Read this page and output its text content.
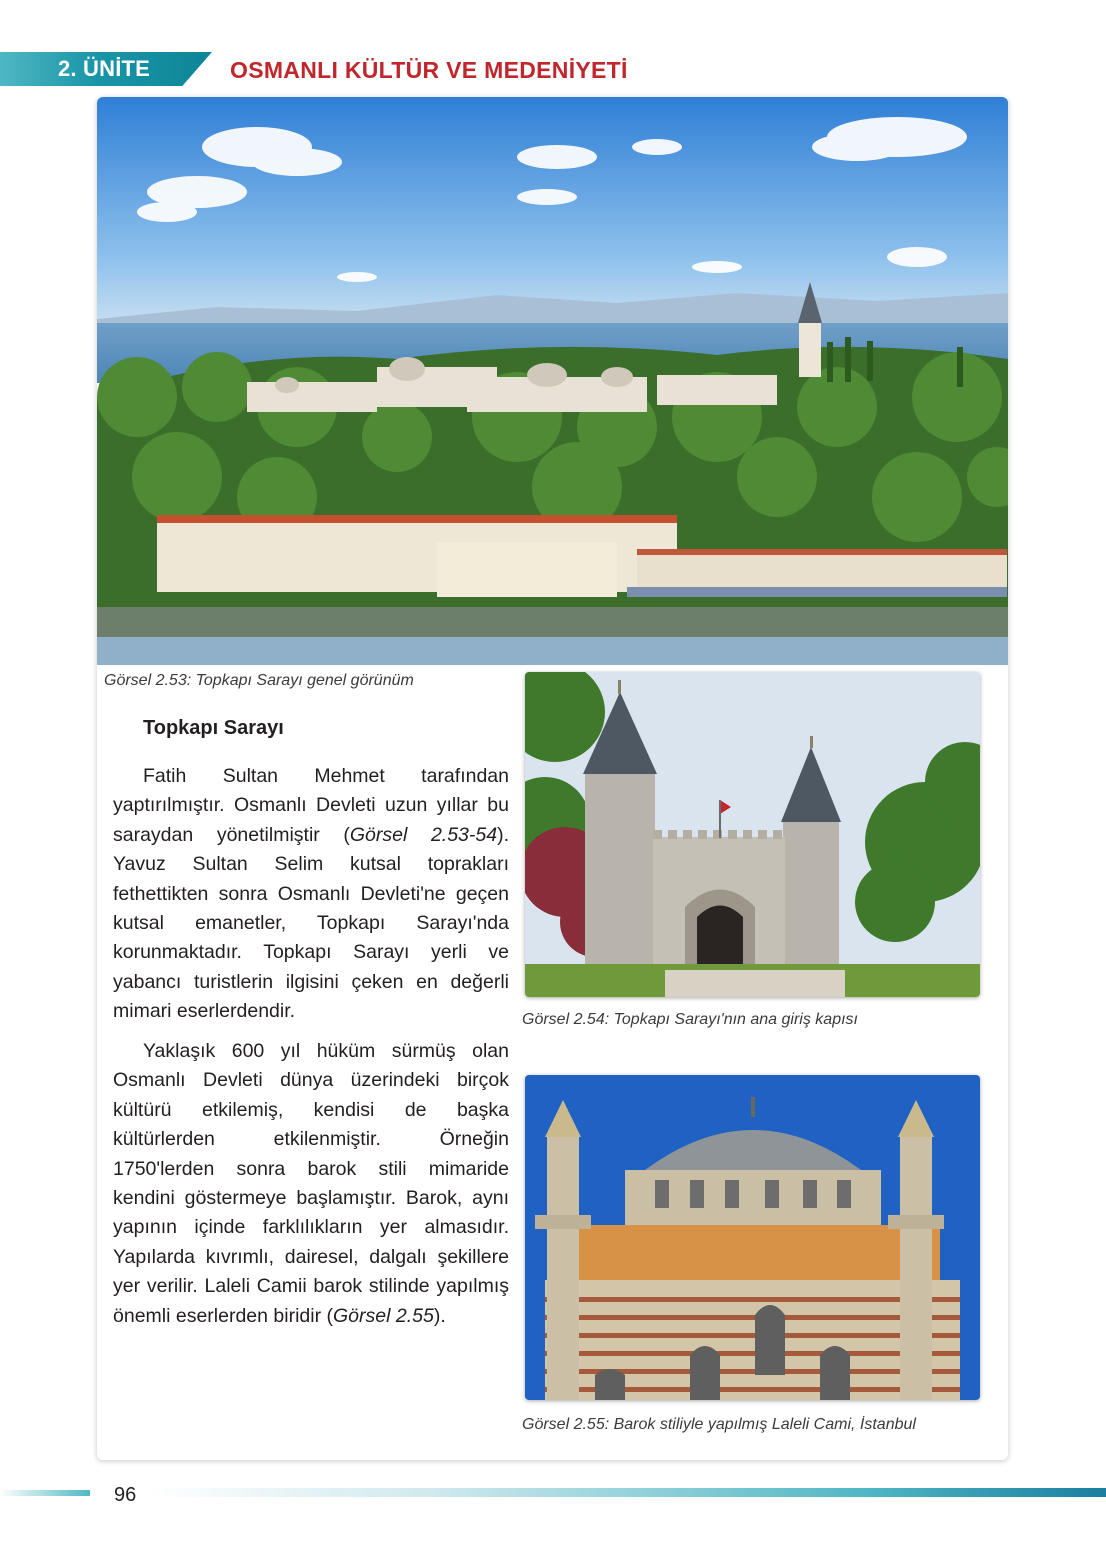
2. ÜNİTE	OSMANLI KÜLTÜR VE MEDENİYETİ
Görsel 2.53: Topkapı Sarayı genel görünüm
Topkapı Sarayı

Fatih Sultan Mehmet tarafından yaptırılmıştır. Osmanlı Devleti uzun yıllar bu saraydan yönetilmiştir (Görsel 2.53-54). Yavuz Sultan Selim kutsal toprakları fethettikten sonra Osmanlı Devleti'ne geçen kutsal emanetler, Topkapı Sarayı'nda korunmaktadır. Topkapı Sarayı yerli ve yabancı turistlerin ilgisini çeken en değerli mimari eserlerdendir.

Yaklaşık 600 yıl hüküm sürmüş olan Osmanlı Devleti dünya üzerindeki birçok kültürü etkilemiş, kendisi de başka kültürlerden etkilenmiştir. Örneğin 1750'lerden sonra barok stili mimaride kendini göstermeye başlamıştır. Barok, aynı yapının içinde farklılıkların yer almasıdır. Yapılarda kıvrımlı, dairesel, dalgalı şekillere yer verilir. Laleli Camii barok stilinde yapılmış önemli eserlerden biridir (Görsel 2.55).

Görsel 2.54: Topkapı Sarayı'nın ana giriş kapısı
Görsel 2.55: Barok stiliyle yapılmış Laleli Cami, İstanbul
96
